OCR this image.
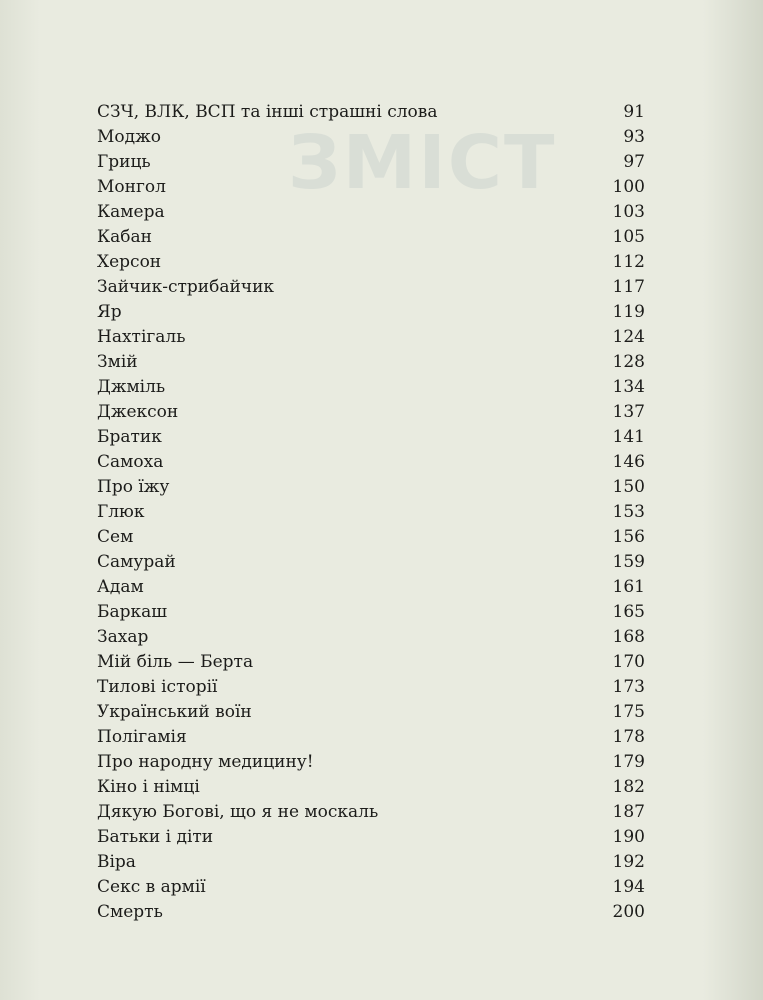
ЗМІСТ
СЗЧ, ВЛК, ВСП та інші страшні слова	91
Моджо	93
Гриць	97
Монгол	100
Камера	103
Кабан	105
Херсон	112
Зайчик-стрибайчик	117
Яр	119
Нахтігаль	124
Змій	128
Джміль	134
Джексон	137
Братик	141
Самоха	146
Про їжу	150
Глюк	153
Сем	156
Самурай	159
Адам	161
Баркаш	165
Захар	168
Мій біль — Берта	170
Тилові історії	173
Український воїн	175
Полігамія	178
Про народну медицину!	179
Кіно і німці	182
Дякую Богові, що я не москаль	187
Батьки і діти	190
Віра	192
Секс в армії	194
Смерть	200
